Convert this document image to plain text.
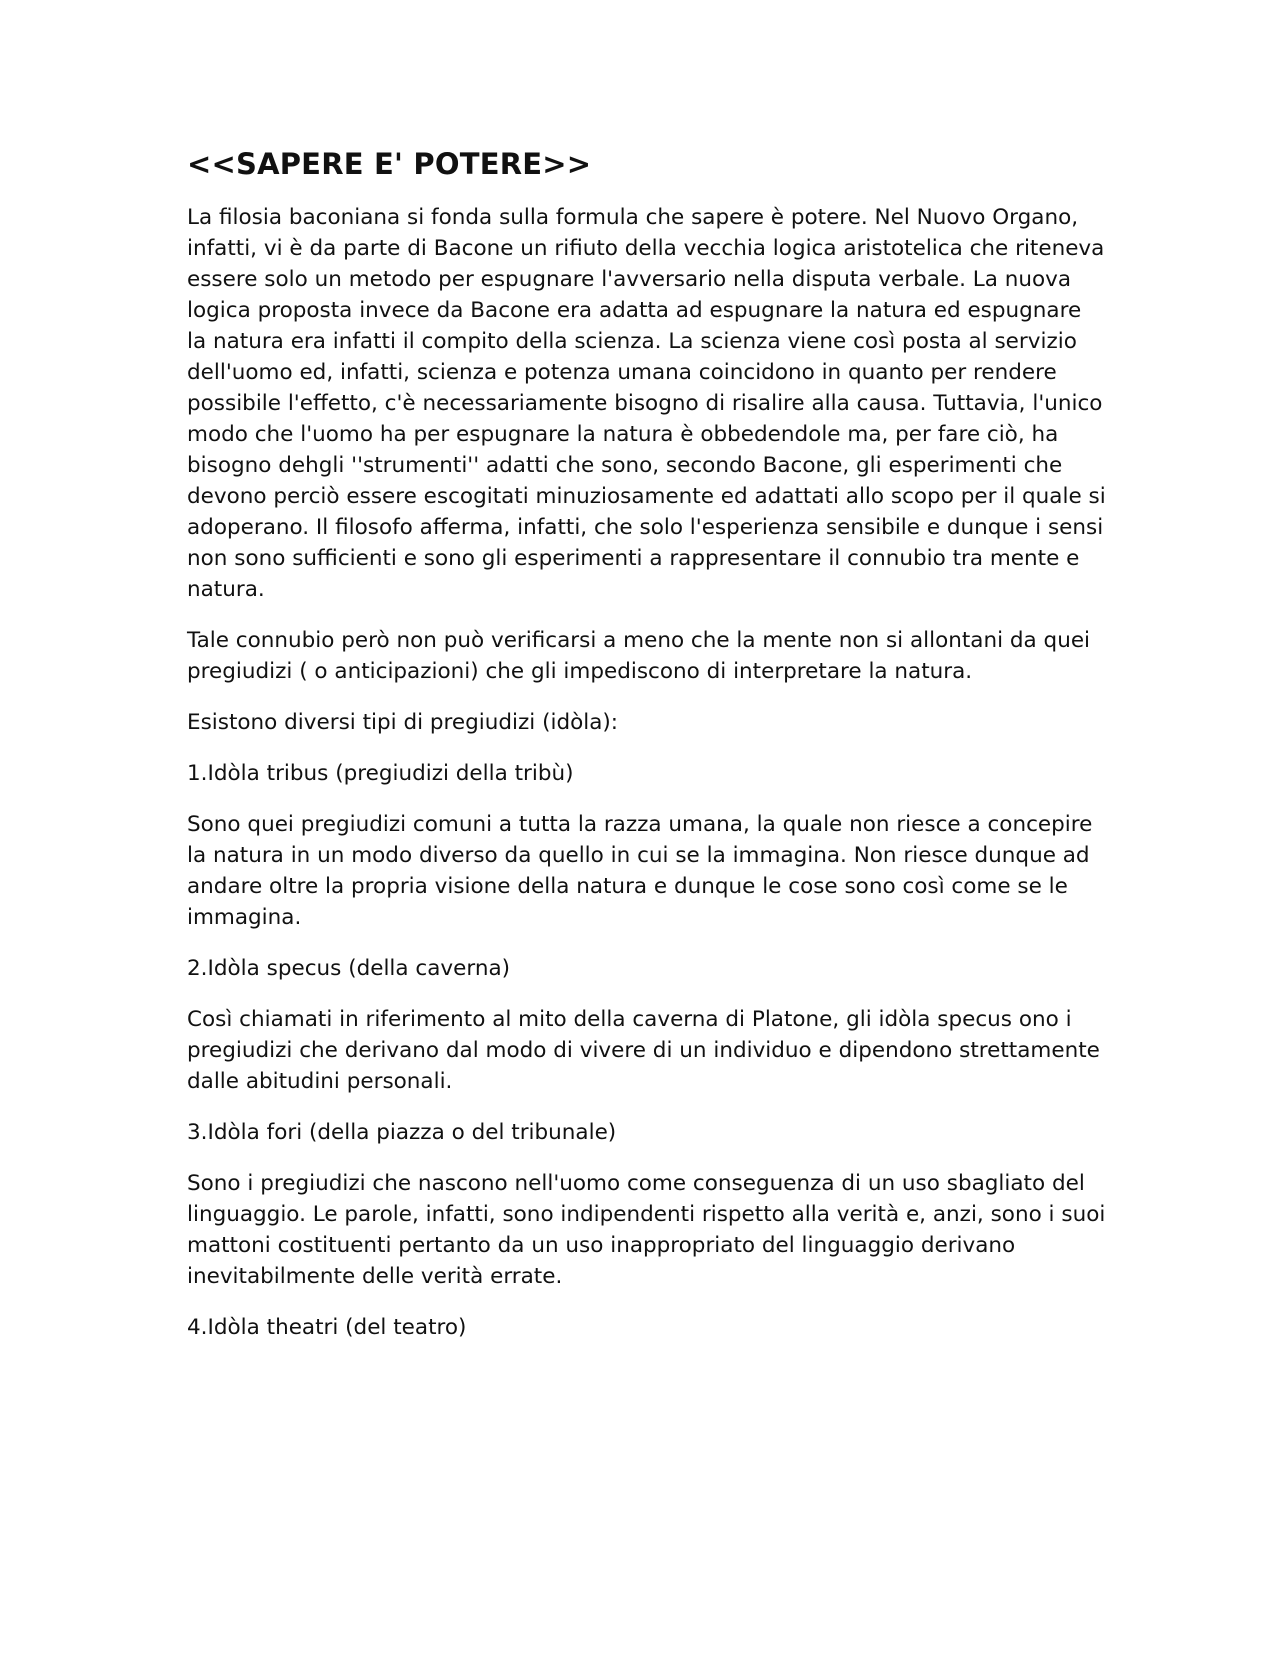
<<SAPERE E' POTERE>>

La filosia baconiana si fonda sulla formula che sapere è potere. Nel Nuovo Organo, infatti, vi è da parte di Bacone un rifiuto della vecchia logica aristotelica che riteneva essere solo un metodo per espugnare l'avversario nella disputa verbale. La nuova logica proposta invece da Bacone era adatta ad espugnare la natura ed espugnare la natura era infatti il compito della scienza. La scienza viene così posta al servizio dell'uomo ed, infatti, scienza e potenza umana coincidono in quanto per rendere possibile l'effetto, c'è necessariamente bisogno di risalire alla causa. Tuttavia, l'unico modo che l'uomo ha per espugnare la natura è obbedendole ma, per fare ciò, ha bisogno dehgli ''strumenti'' adatti che sono, secondo Bacone, gli esperimenti che devono perciò essere escogitati minuziosamente ed adattati allo scopo per il quale si adoperano. Il filosofo afferma, infatti, che solo l'esperienza sensibile e dunque i sensi non sono sufficienti e sono gli esperimenti a rappresentare il connubio tra mente e natura.

Tale connubio però non può verificarsi a meno che la mente non si allontani da quei pregiudizi ( o anticipazioni) che gli impediscono di interpretare la natura.

Esistono diversi tipi di pregiudizi (idòla):

1.Idòla tribus (pregiudizi della tribù)

Sono quei pregiudizi comuni a tutta la razza umana, la quale non riesce a concepire la natura in un modo diverso da quello in cui se la immagina. Non riesce dunque ad andare oltre la propria visione della natura e dunque le cose sono così come se le immagina.

2.Idòla specus (della caverna)

Così chiamati in riferimento al mito della caverna di Platone, gli idòla specus ono i pregiudizi che derivano dal modo di vivere di un individuo e dipendono strettamente dalle abitudini personali.

3.Idòla fori (della piazza o del tribunale)

Sono i pregiudizi che nascono nell'uomo come conseguenza di un uso sbagliato del linguaggio. Le parole, infatti, sono indipendenti rispetto alla verità e, anzi, sono i suoi mattoni costituenti pertanto da un uso inappropriato del linguaggio derivano inevitabilmente delle verità errate.

4.Idòla theatri (del teatro)
